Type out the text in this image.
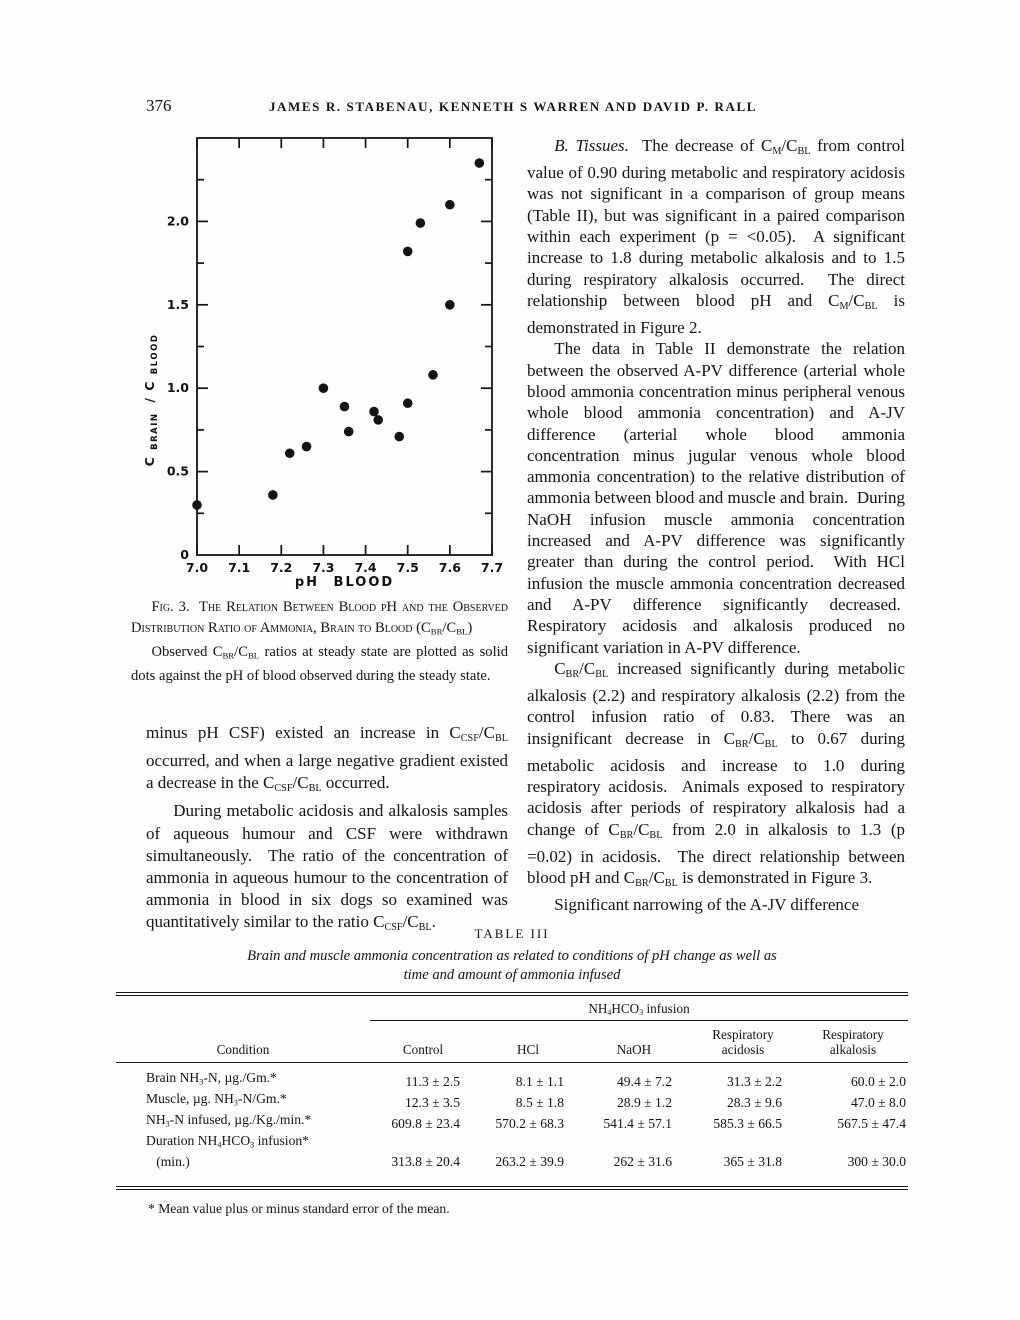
376	JAMES R. STABENAU, KENNETH S WARREN AND DAVID P. RALL
7.0 7.1 7.2 7.3 7.4 7.5 7.6 7.7
0.5
1.0
1.5
2.0
0
pH BLOOD
C $_{BRAIN}$  / C $_{BLOOD}$ 

Fig. 3.  The Relation Between Blood pH and the Observed Distribution Ratio of Ammonia, Brain to Blood $(C_{BR}/C_{BL})$

Observed $C_{BR}/C_{BL}$ ratios at steady state are plotted as solid dots against the pH of blood observed during the steady state.

minus pH CSF) existed an increase in $C_{CSF}/C_{BL}$ occurred, and when a large negative gradient existed a decrease in the $C_{CSF}/C_{BL}$ occurred.

During metabolic acidosis and alkalosis samples of aqueous humour and CSF were withdrawn simultaneously.  The ratio of the concentration of ammonia in aqueous humour to the concentration of ammonia in blood in six dogs so examined was quantitatively similar to the ratio $C_{CSF}/C_{BL}$.

B. Tissues.  The decrease of $C_M/C_{BL}$ from control value of 0.90 during metabolic and respiratory acidosis was not significant in a comparison of group means (Table II), but was significant in a paired comparison within each experiment (p = <0.05).  A significant increase to 1.8 during metabolic alkalosis and to 1.5 during respiratory alkalosis occurred.  The direct relationship between blood pH and $C_M/C_{BL}$ is demonstrated in Figure 2.

The data in Table II demonstrate the relation between the observed A-PV difference (arterial whole blood ammonia concentration minus peripheral venous whole blood ammonia concentration) and A-JV difference (arterial whole blood ammonia concentration minus jugular venous whole blood ammonia concentration) to the relative distribution of ammonia between blood and muscle and brain.  During NaOH infusion muscle ammonia concentration increased and A-PV difference was significantly greater than during the control period.  With HCl infusion the muscle ammonia concentration decreased and A-PV difference significantly decreased.  Respiratory acidosis and alkalosis produced no significant variation in A-PV difference.

$C_{BR}/C_{BL}$ increased significantly during metabolic alkalosis (2.2) and respiratory alkalosis (2.2) from the control infusion ratio of 0.83. There was an insignificant decrease in $C_{BR}/C_{BL}$ to 0.67 during metabolic acidosis and increase to 1.0 during respiratory acidosis.  Animals exposed to respiratory acidosis after periods of respiratory alkalosis had a change of $C_{BR}/C_{BL}$ from 2.0 in alkalosis to 1.3 (p =0.02) in acidosis.  The direct relationship between blood pH and $C_{BR}/C_{BL}$ is demonstrated in Figure 3.

Significant narrowing of the A-JV difference

TABLE III
Brain and muscle ammonia concentration as related to conditions of pH change as well as
time and amount of ammonia infused
	$NH_4HCO_3$ infusion				
Condition	Control	HCl	NaOH	Respiratory acidosis	Respiratory alkalosis
Brain $NH_3-N$, µg./Gm.*	11.3 ± 2.5	8.1 ± 1.1	49.4 ± 7.2	31.3 ± 2.2	60.0 ± 2.0
Muscle, µg. $NH_3-N/Gm.*$	12.3 ± 3.5	8.5 ± 1.8	28.9 ± 1.2	28.3 ± 9.6	47.0 ± 8.0
$NH_3-N$ infused, µg./Kg./min.*	609.8 ± 23.4	570.2 ± 68.3	541.4 ± 57.1	585.3 ± 66.5	567.5 ± 47.4
Duration $NH_4HCO_3$ infusion*
(min.)	313.8 ± 20.4	263.2 ± 39.9	262 ± 31.6	365 ± 31.8	300 ± 30.0
* Mean value plus or minus standard error of the mean.
